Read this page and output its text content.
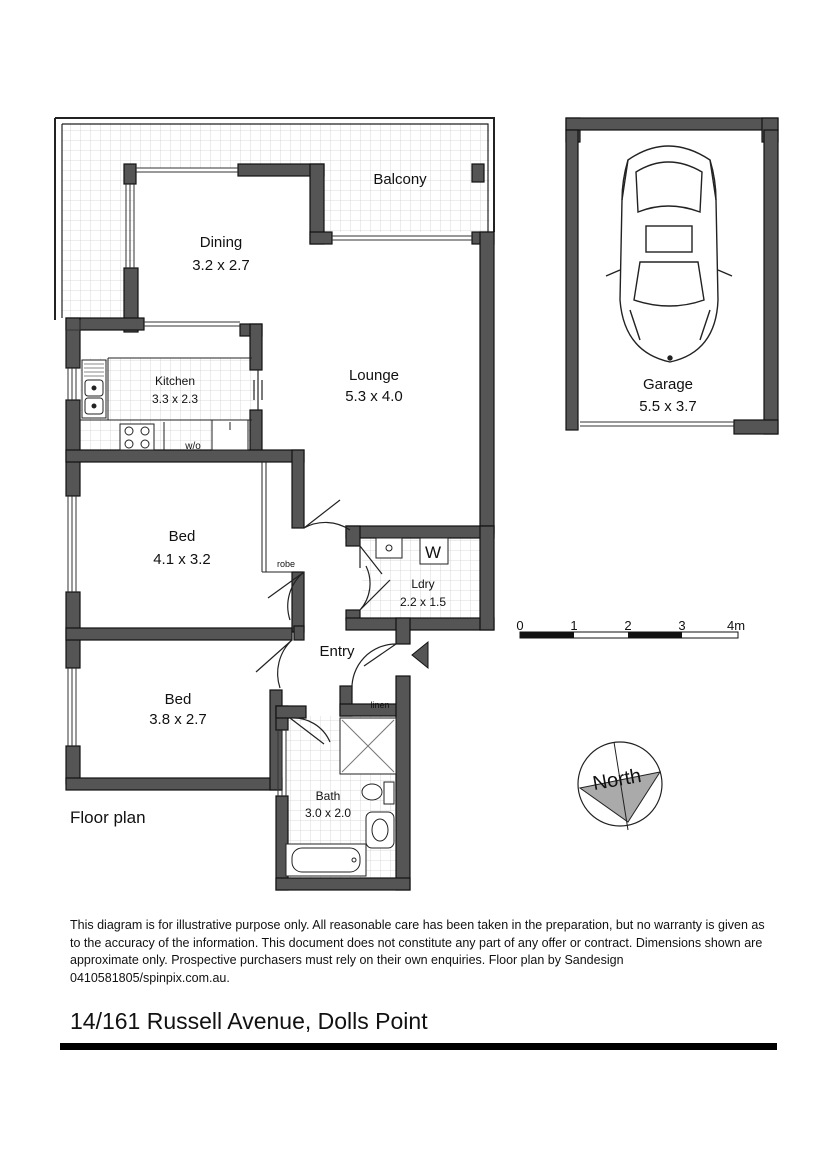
0	1	2	3	4m
North
Balcony
Dining
3.2 x 2.7
Lounge
5.3 x 4.0
Kitchen
3.3 x 2.3
w/o
Bed
4.1 x 3.2	robe
Ldry
2.2 x 1.5
W
Entry
linen
Bed
3.8 x 2.7
Bath
3.0 x 2.0
Garage
5.5 x 3.7
Floor plan
This diagram is for illustrative purpose only. All reasonable care has been taken in the preparation, but no warranty is given as to the accuracy of the information. This document does not constitute any part of any offer or contract. Dimensions shown are approximate only. Prospective purchasers must rely on their own enquiries. Floor plan by Sandesign 0410581805/spinpix.com.au.
14/161 Russell Avenue, Dolls Point
